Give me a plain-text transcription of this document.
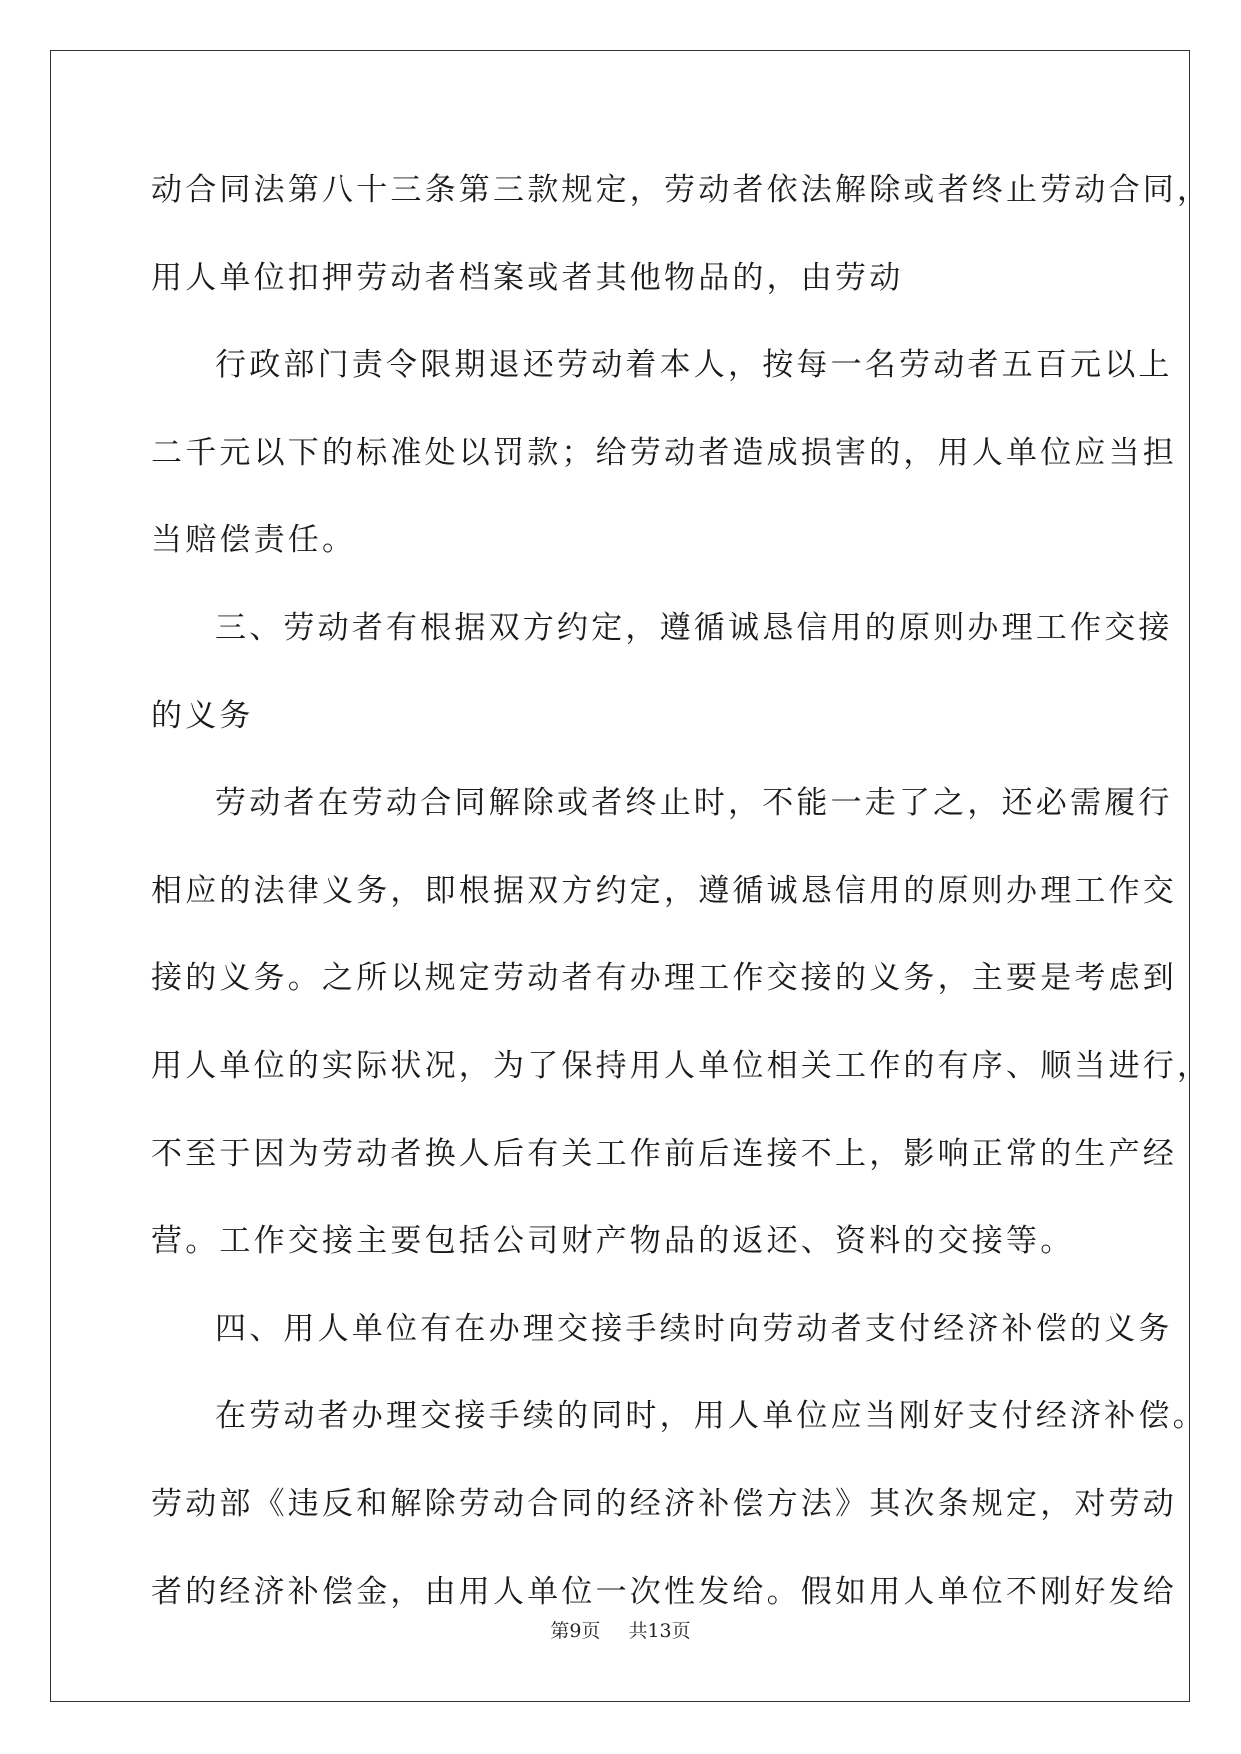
动合同法第八十三条第三款规定，劳动者依法解除或者终止劳动合同，
用人单位扣押劳动者档案或者其他物品的，由劳动
行政部门责令限期退还劳动着本人，按每一名劳动者五百元以上
二千元以下的标准处以罚款；给劳动者造成损害的，用人单位应当担
当赔偿责任。
三、劳动者有根据双方约定，遵循诚恳信用的原则办理工作交接
的义务
劳动者在劳动合同解除或者终止时，不能一走了之，还必需履行
相应的法律义务，即根据双方约定，遵循诚恳信用的原则办理工作交
接的义务。之所以规定劳动者有办理工作交接的义务，主要是考虑到
用人单位的实际状况，为了保持用人单位相关工作的有序、顺当进行，
不至于因为劳动者换人后有关工作前后连接不上，影响正常的生产经
营。工作交接主要包括公司财产物品的返还、资料的交接等。
四、用人单位有在办理交接手续时向劳动者支付经济补偿的义务
在劳动者办理交接手续的同时，用人单位应当刚好支付经济补偿。
劳动部《违反和解除劳动合同的经济补偿方法》其次条规定，对劳动
者的经济补偿金，由用人单位一次性发给。假如用人单位不刚好发给
第9页 共13页
